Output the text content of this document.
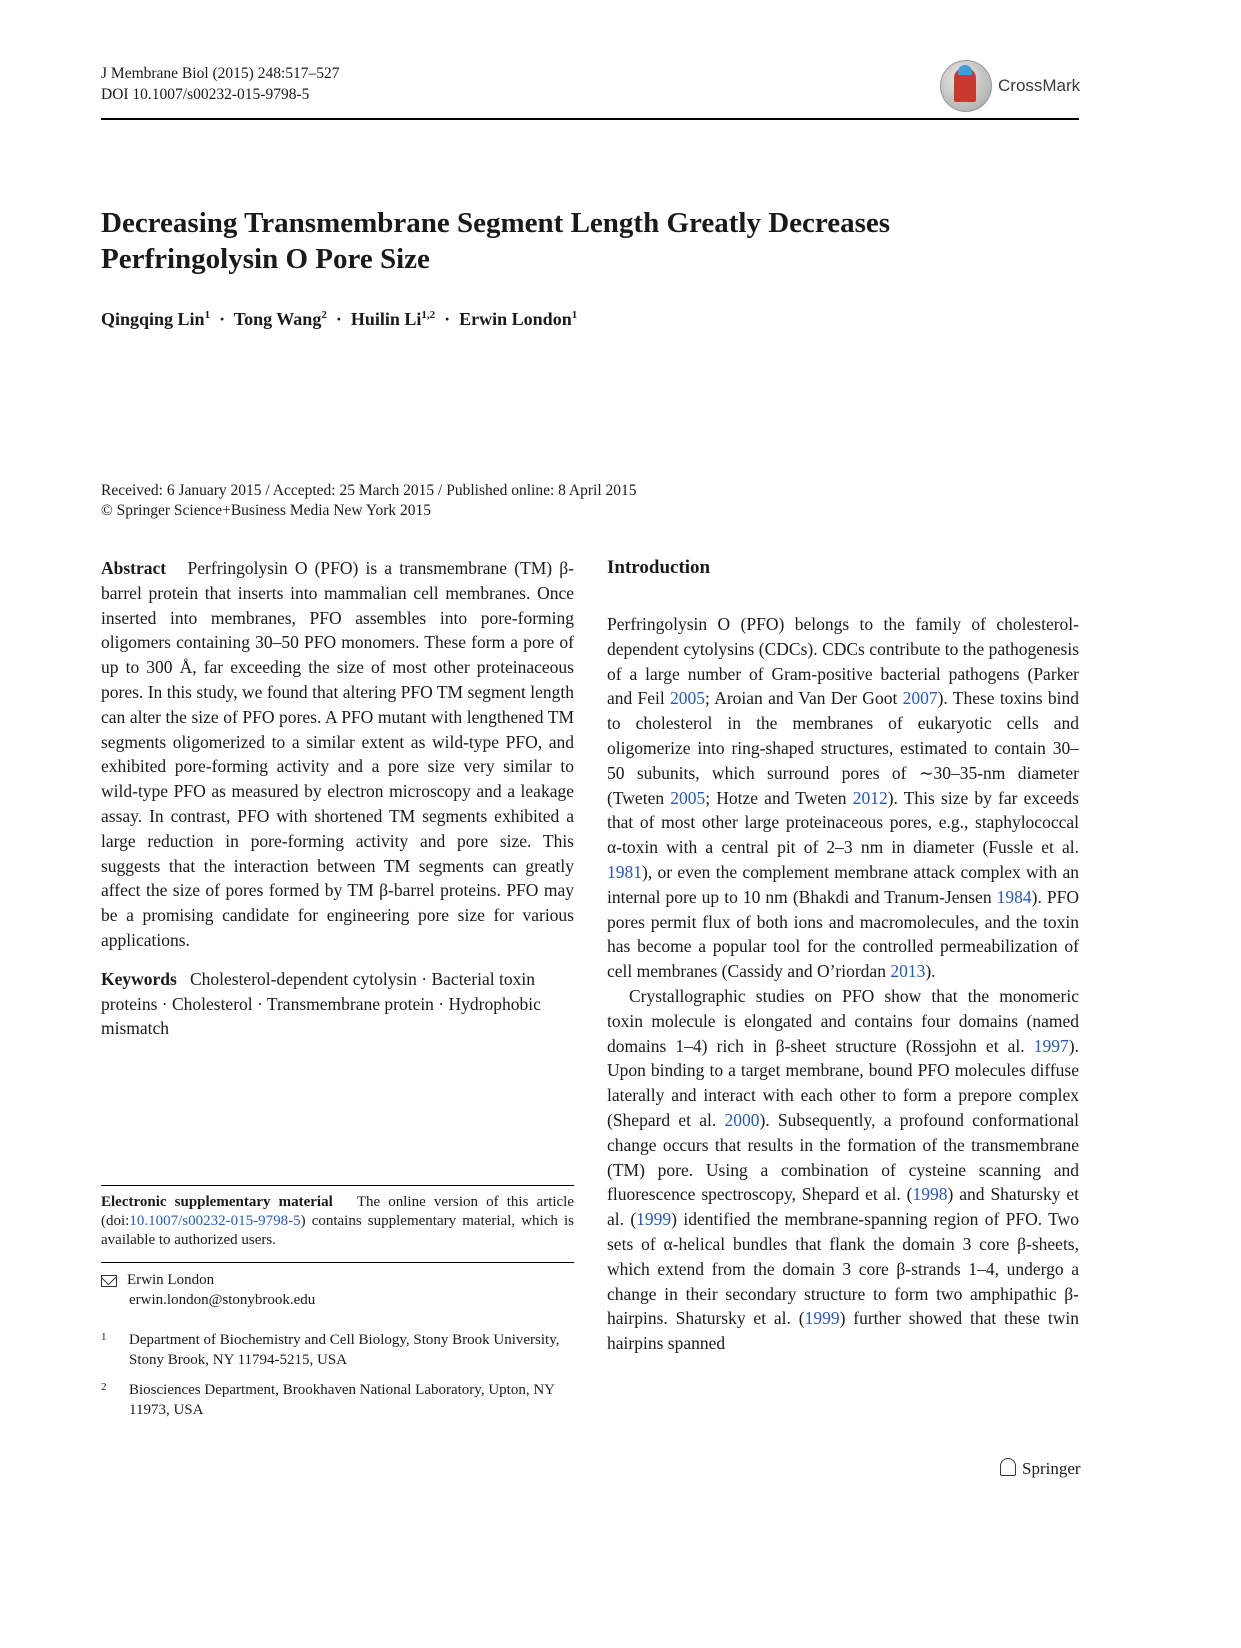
J Membrane Biol (2015) 248:517–527
DOI 10.1007/s00232-015-9798-5	CrossMark
Decreasing Transmembrane Segment Length Greatly Decreases
Perfringolysin O Pore Size
Qingqing Lin$^1$  ·  Tong Wang$^2$  ·  Huilin Li$^{1,2}$  ·  Erwin London$^1$
Received: 6 January 2015 / Accepted: 25 March 2015 / Published online: 8 April 2015
© Springer Science+Business Media New York 2015

Abstract Perfringolysin O (PFO) is a transmembrane (TM) β-barrel protein that inserts into mammalian cell membranes. Once inserted into membranes, PFO assembles into pore-forming oligomers containing 30–50 PFO monomers. These form a pore of up to 300 Å, far exceeding the size of most other proteinaceous pores. In this study, we found that altering PFO TM segment length can alter the size of PFO pores. A PFO mutant with lengthened TM segments oligomerized to a similar extent as wild-type PFO, and exhibited pore-forming activity and a pore size very similar to wild-type PFO as measured by electron microscopy and a leakage assay. In contrast, PFO with shortened TM segments exhibited a large reduction in pore-forming activity and pore size. This suggests that the interaction between TM segments can greatly affect the size of pores formed by TM β-barrel proteins. PFO may be a promising candidate for engineering pore size for various applications.

Keywords Cholesterol-dependent cytolysin · Bacterial toxin proteins · Cholesterol · Transmembrane protein · Hydrophobic mismatch

Electronic supplementary material The online version of this article (doi:10.1007/s00232-015-9798-5) contains supplementary material, which is available to authorized users.
Erwin London
erwin.london@stonybrook.edu
1 Department of Biochemistry and Cell Biology, Stony Brook University, Stony Brook, NY 11794-5215, USA
2 Biosciences Department, Brookhaven National Laboratory, Upton, NY 11973, USA
Introduction

Perfringolysin O (PFO) belongs to the family of cholesterol-dependent cytolysins (CDCs). CDCs contribute to the pathogenesis of a large number of Gram-positive bacterial pathogens (Parker and Feil 2005; Aroian and Van Der Goot 2007). These toxins bind to cholesterol in the membranes of eukaryotic cells and oligomerize into ring-shaped structures, estimated to contain 30–50 subunits, which surround pores of ∼30–35-nm diameter (Tweten 2005; Hotze and Tweten 2012). This size by far exceeds that of most other large proteinaceous pores, e.g., staphylococcal α-toxin with a central pit of 2–3 nm in diameter (Fussle et al. 1981), or even the complement membrane attack complex with an internal pore up to 10 nm (Bhakdi and Tranum-Jensen 1984). PFO pores permit flux of both ions and macromolecules, and the toxin has become a popular tool for the controlled permeabilization of cell membranes (Cassidy and O’riordan 2013).

Crystallographic studies on PFO show that the monomeric toxin molecule is elongated and contains four domains (named domains 1–4) rich in β-sheet structure (Rossjohn et al. 1997). Upon binding to a target membrane, bound PFO molecules diffuse laterally and interact with each other to form a prepore complex (Shepard et al. 2000). Subsequently, a profound conformational change occurs that results in the formation of the transmembrane (TM) pore. Using a combination of cysteine scanning and fluorescence spectroscopy, Shepard et al. (1998) and Shatursky et al. (1999) identified the membrane-spanning region of PFO. Two sets of α-helical bundles that flank the domain 3 core β-sheets, which extend from the domain 3 core β-strands 1–4, undergo a change in their secondary structure to form two amphipathic β-hairpins. Shatursky et al. (1999) further showed that these twin hairpins spanned

Springer
